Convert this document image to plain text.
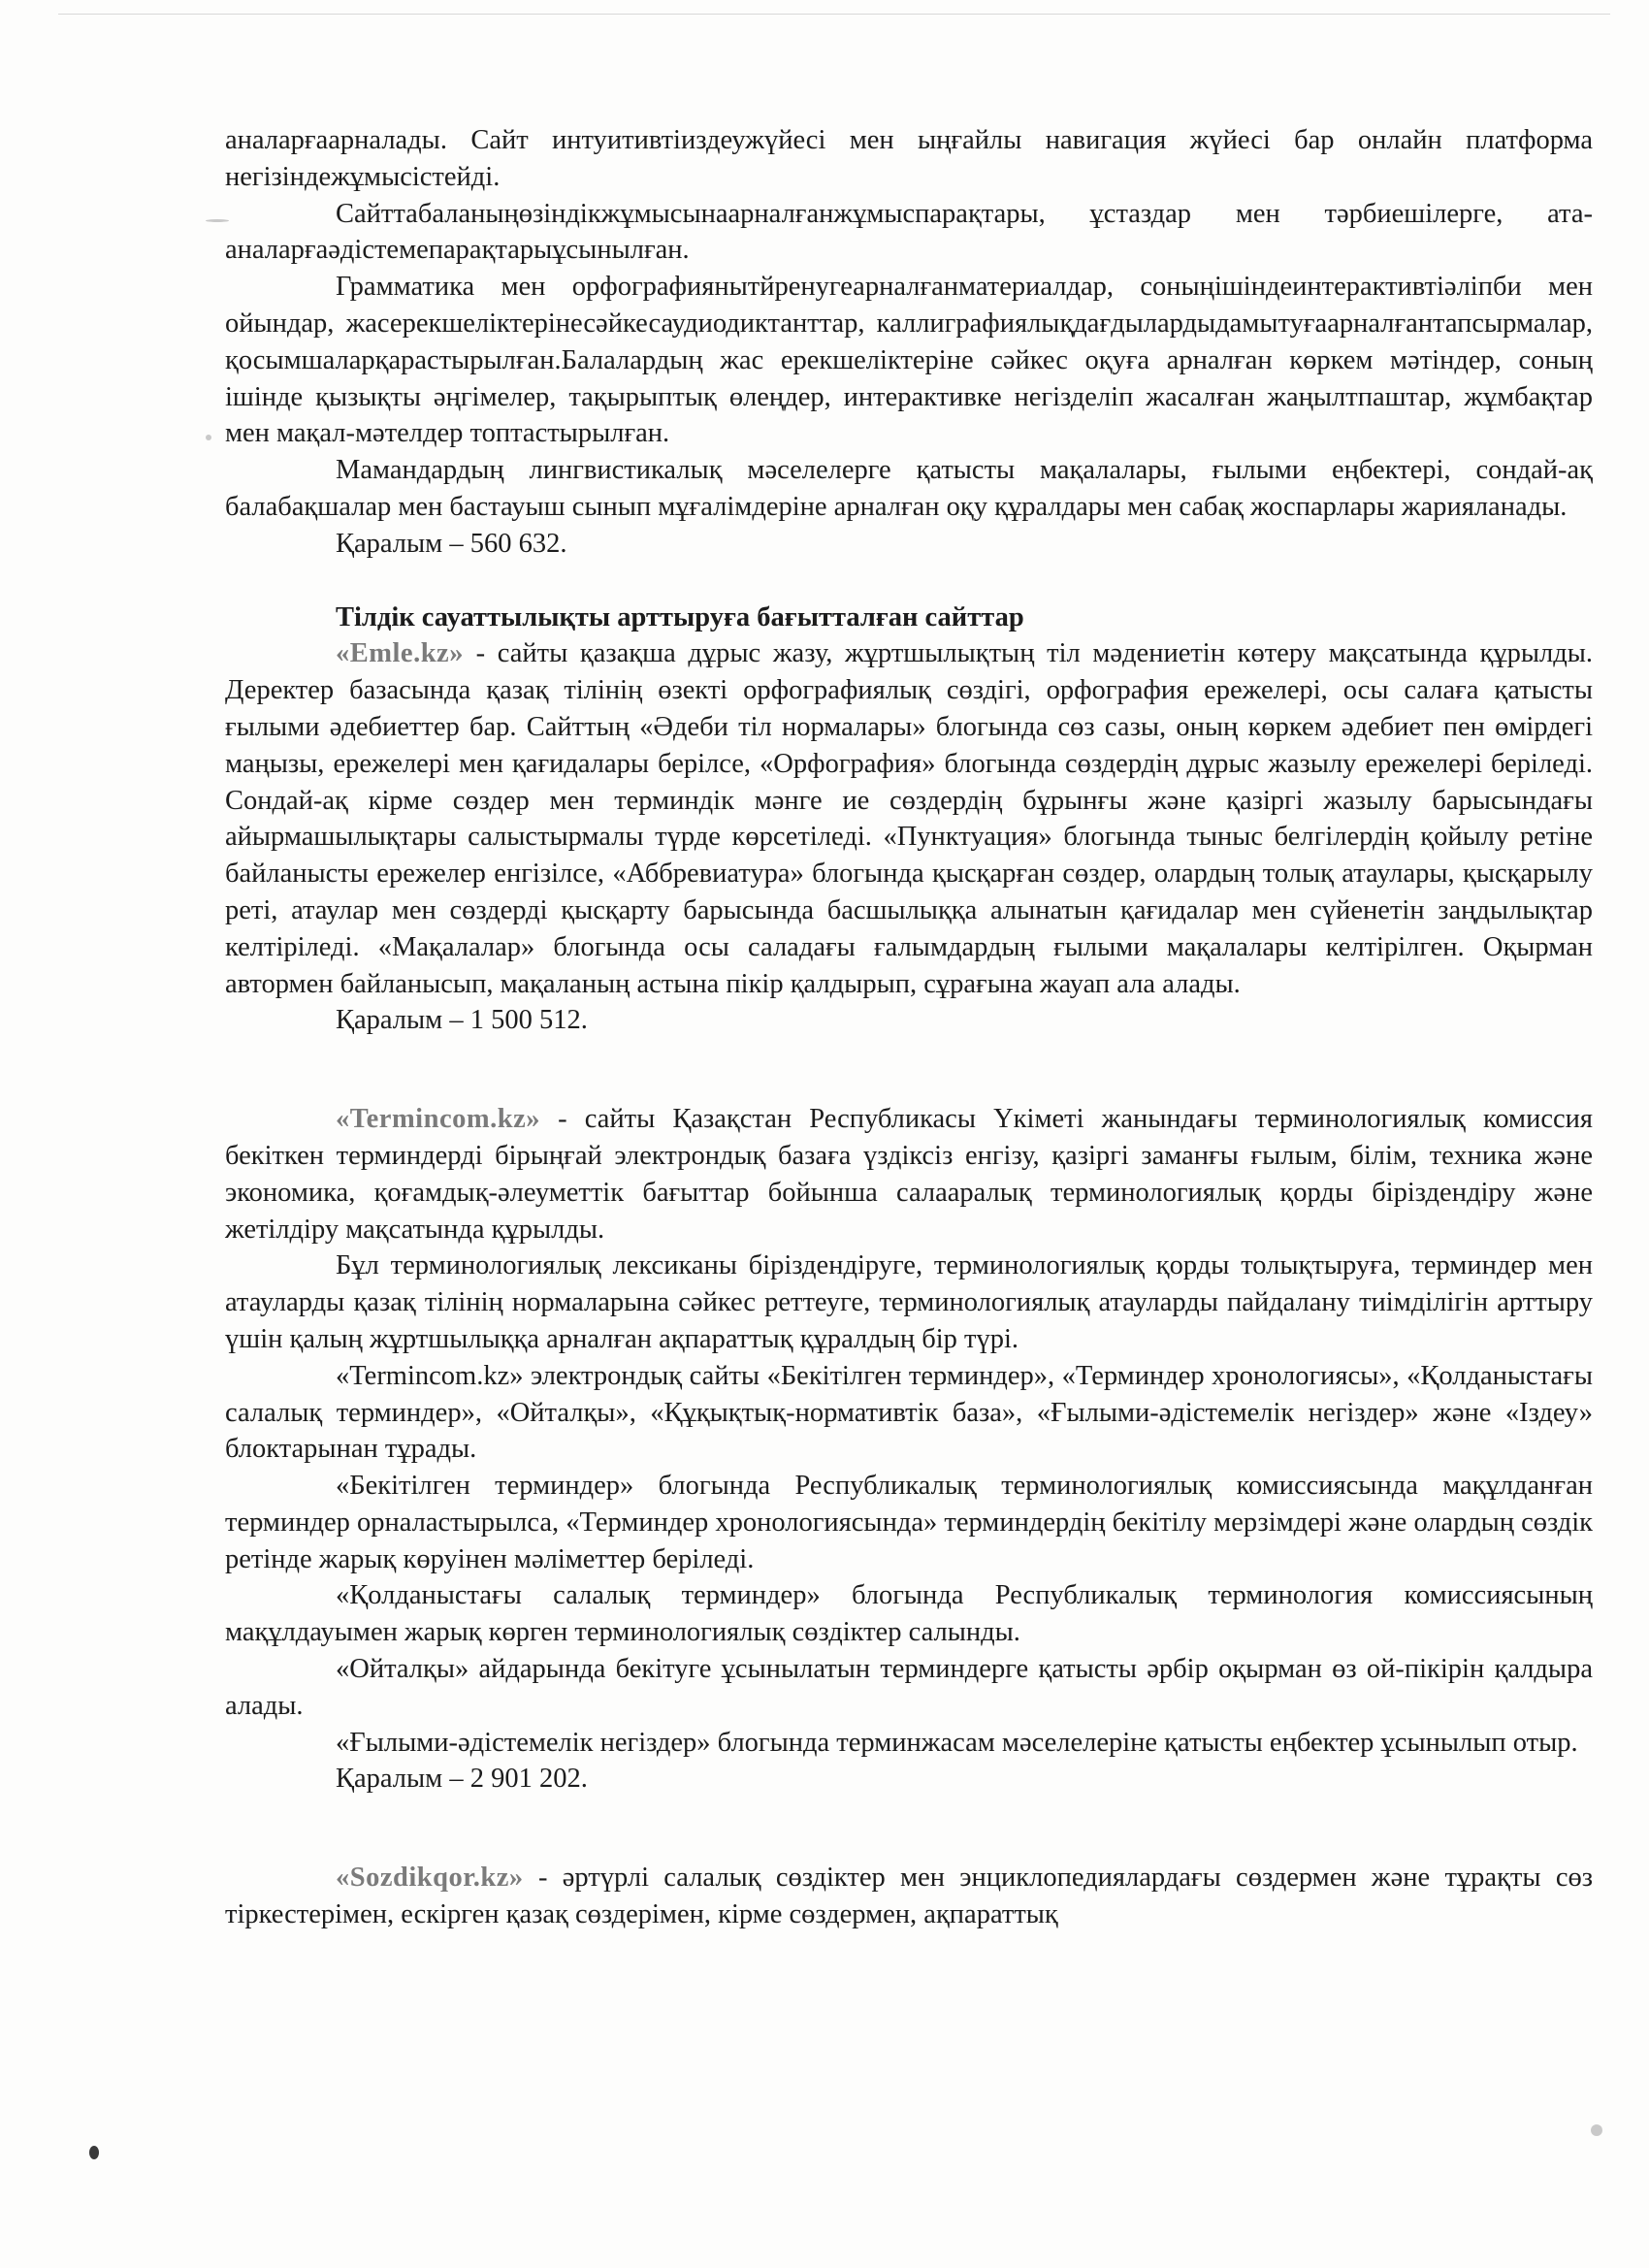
аналарғаарналады. Сайт интуитивтіиздеужүйесі мен ыңғайлы навигация жүйесі бар онлайн платформа негізіндежұмысістейді.

Сайттабаланыңөзіндікжұмысынаарналғанжұмыспарақтары, ұстаздар мен тәрбиешілерге, ата-аналарғаәдістемепарақтарыұсынылған.

Грамматика мен орфографиянытйренугеарналғанматериалдар, соныңішіндеинтерактивтіәліпби мен ойындар, жасерекшеліктерінесәйкесаудиодиктанттар, каллиграфиялықдағдылардыдамытуғаарналғантапсырмалар, қосымшаларқарастырылған.Балалардың жас ерекшеліктеріне сәйкес оқуға арналған көркем мәтіндер, соның ішінде қызықты әңгімелер, тақырыптық өлеңдер, интерактивке негізделіп жасалған жаңылтпаштар, жұмбақтар мен мақал-мәтелдер топтастырылған.

Мамандардың лингвистикалық мәселелерге қатысты мақалалары, ғылыми еңбектері, сондай-ақ балабақшалар мен бастауыш сынып мұғалімдеріне арналған оқу құралдары мен сабақ жоспарлары жарияланады.

Қаралым – 560 632.

Тілдік сауаттылықты арттыруға бағытталған сайттар

«Emle.kz» - сайты қазақша дұрыс жазу, жұртшылықтың тіл мәдениетін көтеру мақсатында құрылды. Деректер базасында қазақ тілінің өзекті орфографиялық сөздігі, орфография ережелері, осы салаға қатысты ғылыми әдебиеттер бар. Сайттың «Әдеби тіл нормалары» блогында сөз сазы, оның көркем әдебиет пен өмірдегі маңызы, ережелері мен қағидалары берілсе, «Орфография» блогында сөздердің дұрыс жазылу ережелері беріледі. Сондай-ақ кірме сөздер мен терминдік мәнге ие сөздердің бұрынғы және қазіргі жазылу барысындағы айырмашылықтары салыстырмалы түрде көрсетіледі. «Пунктуация» блогында тыныс белгілердің қойылу ретіне байланысты ережелер енгізілсе, «Аббревиатура» блогында қысқарған сөздер, олардың толық атаулары, қысқарылу реті, атаулар мен сөздерді қысқарту барысында басшылыққа алынатын қағидалар мен сүйенетін заңдылықтар келтіріледі. «Мақалалар» блогында осы саладағы ғалымдардың ғылыми мақалалары келтірілген. Оқырман автормен байланысып, мақаланың астына пікір қалдырып, сұрағына жауап ала алады.

Қаралым – 1 500 512.

«Termincom.kz» - сайты Қазақстан Республикасы Үкіметі жанындағы терминологиялық комиссия бекіткен терминдерді бірыңғай электрондық базаға үздіксіз енгізу, қазіргі заманғы ғылым, білім, техника және экономика, қоғамдық-әлеуметтік бағыттар бойынша салааралық терминологиялық қорды біріздендіру және жетілдіру мақсатында құрылды.

Бұл терминологиялық лексиканы біріздендіруге, терминологиялық қорды толықтыруға, терминдер мен атауларды қазақ тілінің нормаларына сәйкес реттеуге, терминологиялық атауларды пайдалану тиімділігін арттыру үшін қалың жұртшылыққа арналған ақпараттық құралдың бір түрі.

«Termincom.kz» электрондық сайты «Бекітілген терминдер», «Терминдер хронологиясы», «Қолданыстағы салалық терминдер», «Ойталқы», «Құқықтық-нормативтік база», «Ғылыми-әдістемелік негіздер» және «Іздеу» блоктарынан тұрады.

«Бекітілген терминдер» блогында Республикалық терминологиялық комиссиясында мақұлданған терминдер орналастырылса, «Терминдер хронологиясында» терминдердің бекітілу мерзімдері және олардың сөздік ретінде жарық көруінен мәліметтер беріледі.

«Қолданыстағы салалық терминдер» блогында Республикалық терминология комиссиясының мақұлдауымен жарық көрген терминологиялық сөздіктер салынды.

«Ойталқы» айдарында бекітуге ұсынылатын терминдерге қатысты әрбір оқырман өз ой-пікірін қалдыра алады.

«Ғылыми-әдістемелік негіздер» блогында терминжасам мәселелеріне қатысты еңбектер ұсынылып отыр.

Қаралым – 2 901 202.

«Sozdikqor.kz» - әртүрлі салалық сөздіктер мен энциклопедиялардағы сөздермен және тұрақты сөз тіркестерімен, ескірген қазақ сөздерімен, кірме сөздермен, ақпараттық
